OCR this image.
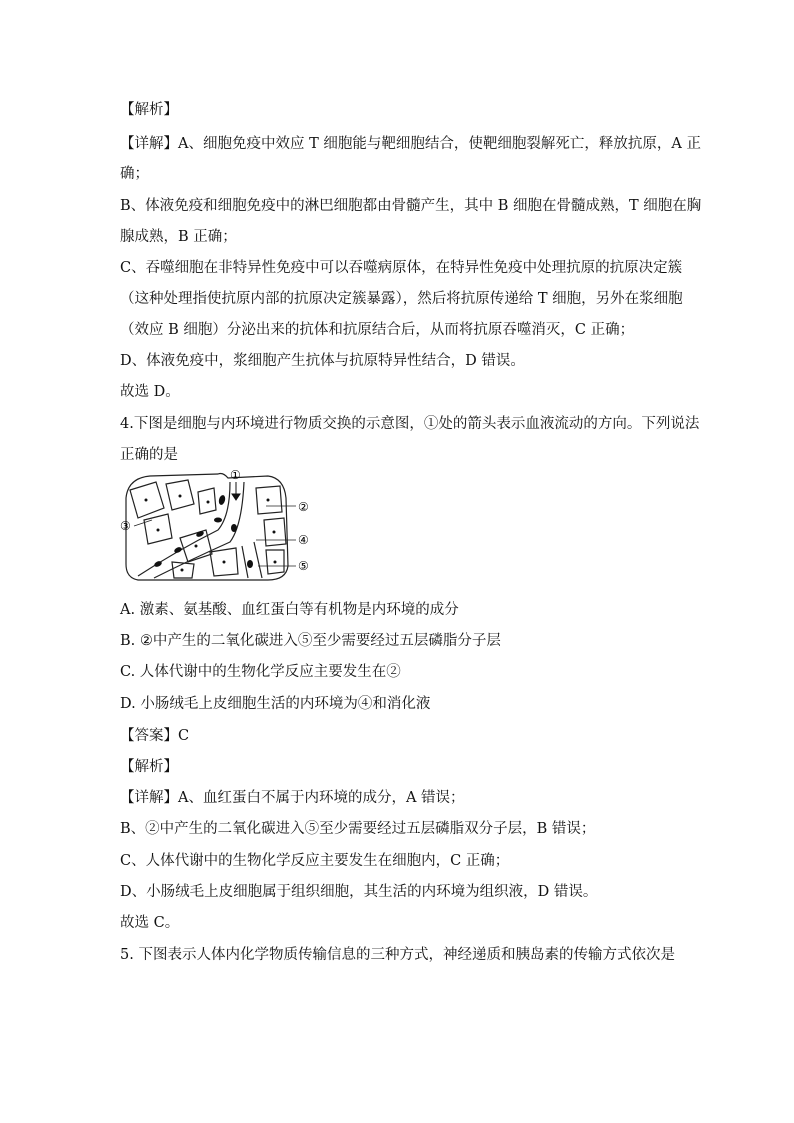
【解析】

【详解】A、细胞免疫中效应 T 细胞能与靶细胞结合，使靶细胞裂解死亡，释放抗原，A 正

确；

B、体液免疫和细胞免疫中的淋巴细胞都由骨髓产生，其中 B 细胞在骨髓成熟，T 细胞在胸

腺成熟，B 正确；

C、吞噬细胞在非特异性免疫中可以吞噬病原体，在特异性免疫中处理抗原的抗原决定簇

（这种处理指使抗原内部的抗原决定簇暴露），然后将抗原传递给 T 细胞，另外在浆细胞

（效应 B 细胞）分泌出来的抗体和抗原结合后，从而将抗原吞噬消灭，C 正确；

D、体液免疫中，浆细胞产生抗体与抗原特异性结合，D 错误。

故选 D。

4.下图是细胞与内环境进行物质交换的示意图，①处的箭头表示血液流动的方向。下列说法

正确的是

①
②
③
④
⑤

A. 激素、氨基酸、血红蛋白等有机物是内环境的成分

B. ②中产生的二氧化碳进入⑤至少需要经过五层磷脂分子层

C. 人体代谢中的生物化学反应主要发生在②

D. 小肠绒毛上皮细胞生活的内环境为④和消化液

【答案】C

【解析】

【详解】A、血红蛋白不属于内环境的成分，A 错误；

B、②中产生的二氧化碳进入⑤至少需要经过五层磷脂双分子层，B 错误；

C、人体代谢中的生物化学反应主要发生在细胞内，C 正确；

D、小肠绒毛上皮细胞属于组织细胞，其生活的内环境为组织液，D 错误。

故选 C。

5. 下图表示人体内化学物质传输信息的三种方式，神经递质和胰岛素的传输方式依次是
